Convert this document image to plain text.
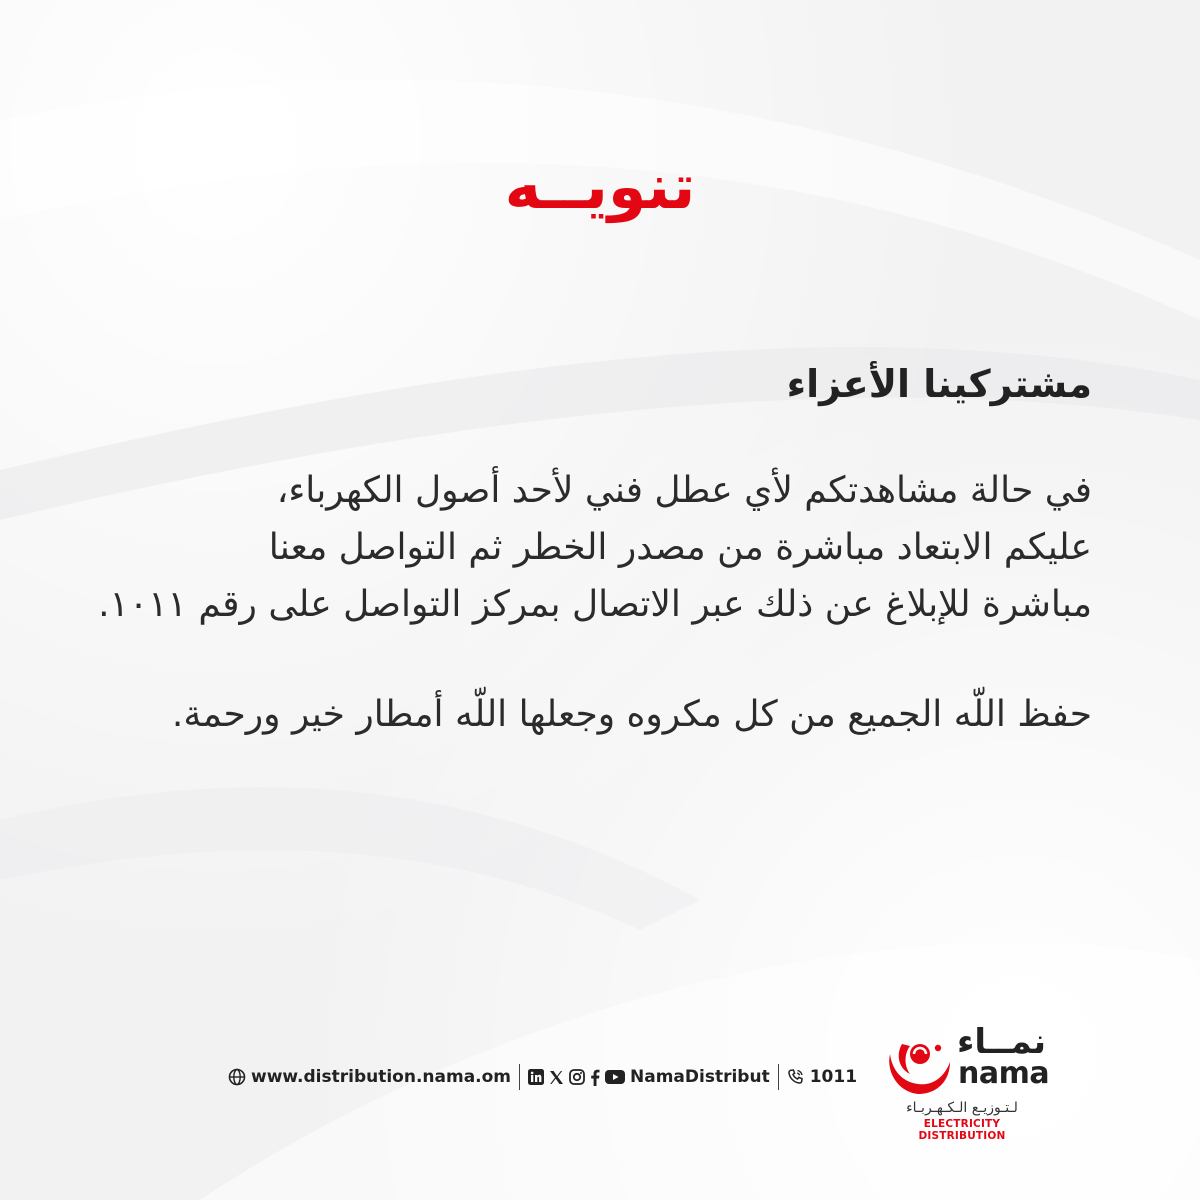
تنويــه
مشتركينا الأعزاء
في حالة مشاهدتكم لأي عطل فني لأحد أصول الكهرباء،
عليكم الابتعاد مباشرة من مصدر الخطر ثم التواصل معنا
مباشرة للإبلاغ عن ذلك عبر الاتصال بمركز التواصل على رقم ١٠١١.
حفظ اللّه الجميع من كل مكروه وجعلها اللّه أمطار خير ورحمة.
www.distribution.nama.om	NamaDistribut 1011
نمــاء
nama
لـتـوزيـع الـكـهـربـاء
ELECTRICITY DISTRIBUTION
